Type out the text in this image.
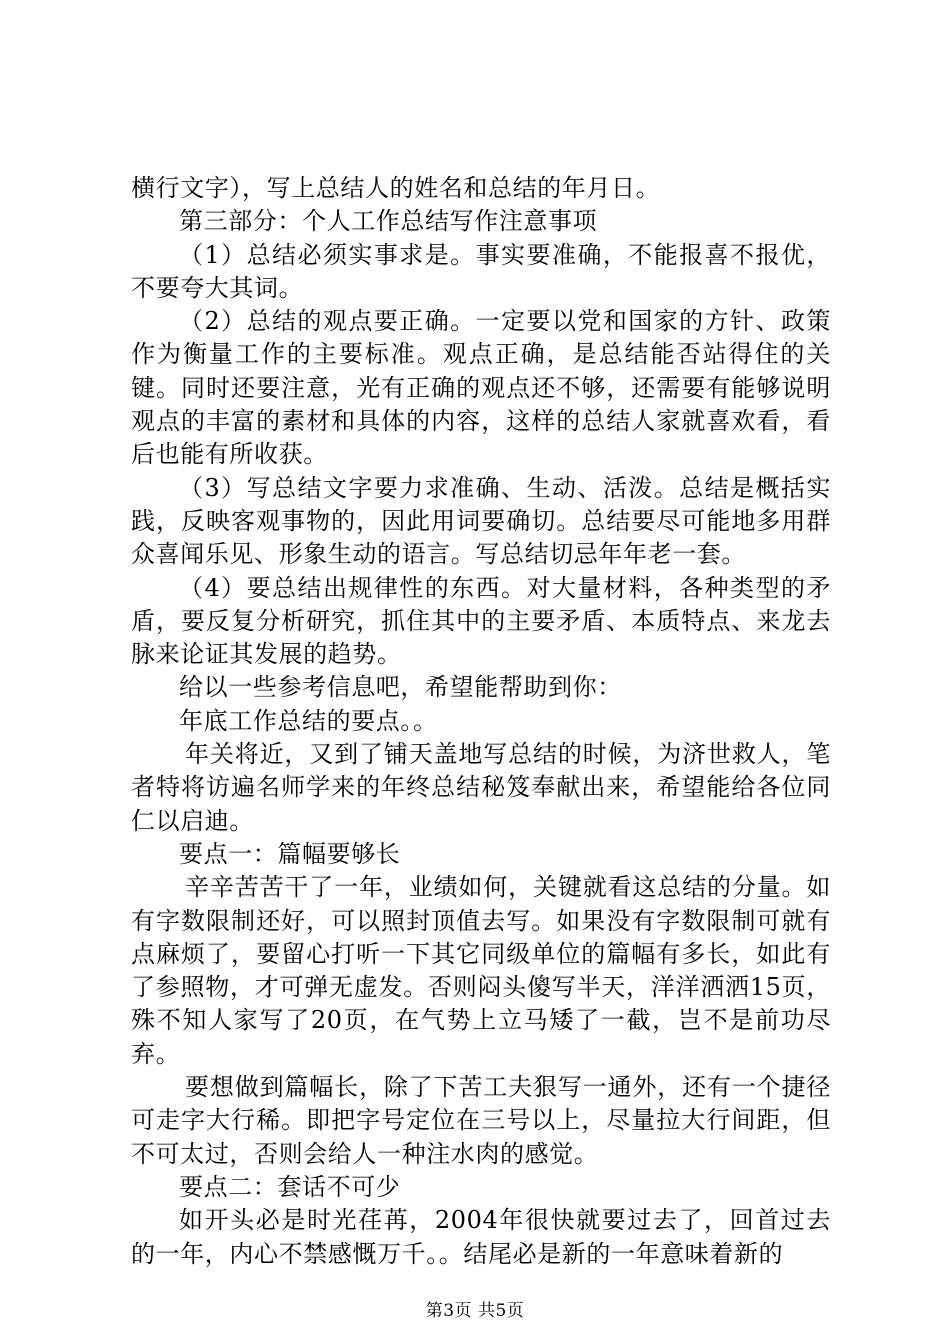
横行文字），写上总结人的姓名和总结的年月日。

第三部分：个人工作总结写作注意事项

（1）总结必须实事求是。事实要准确，不能报喜不报优，不要夸大其词。

（2）总结的观点要正确。一定要以党和国家的方针、政策作为衡量工作的主要标准。观点正确，是总结能否站得住的关键。同时还要注意，光有正确的观点还不够，还需要有能够说明观点的丰富的素材和具体的内容，这样的总结人家就喜欢看，看后也能有所收获。

（3）写总结文字要力求准确、生动、活泼。总结是概括实践，反映客观事物的，因此用词要确切。总结要尽可能地多用群众喜闻乐见、形象生动的语言。写总结切忌年年老一套。

（4）要总结出规律性的东西。对大量材料，各种类型的矛盾，要反复分析研究，抓住其中的主要矛盾、本质特点、来龙去脉来论证其发展的趋势。

给以一些参考信息吧，希望能帮助到你：

年底工作总结的要点。。

年关将近，又到了铺天盖地写总结的时候，为济世救人，笔者特将访遍名师学来的年终总结秘笈奉献出来，希望能给各位同仁以启迪。

要点一：篇幅要够长

辛辛苦苦干了一年，业绩如何，关键就看这总结的分量。如有字数限制还好，可以照封顶值去写。如果没有字数限制可就有点麻烦了，要留心打听一下其它同级单位的篇幅有多长，如此有了参照物，才可弹无虚发。否则闷头傻写半天，洋洋洒洒15页，殊不知人家写了20页，在气势上立马矮了一截，岂不是前功尽弃。

要想做到篇幅长，除了下苦工夫狠写一通外，还有一个捷径可走字大行稀。即把字号定位在三号以上，尽量拉大行间距，但不可太过，否则会给人一种注水肉的感觉。

要点二：套话不可少

如开头必是时光荏苒，2004年很快就要过去了，回首过去的一年，内心不禁感慨万千。。结尾必是新的一年意味着新的

第3页 共5页
